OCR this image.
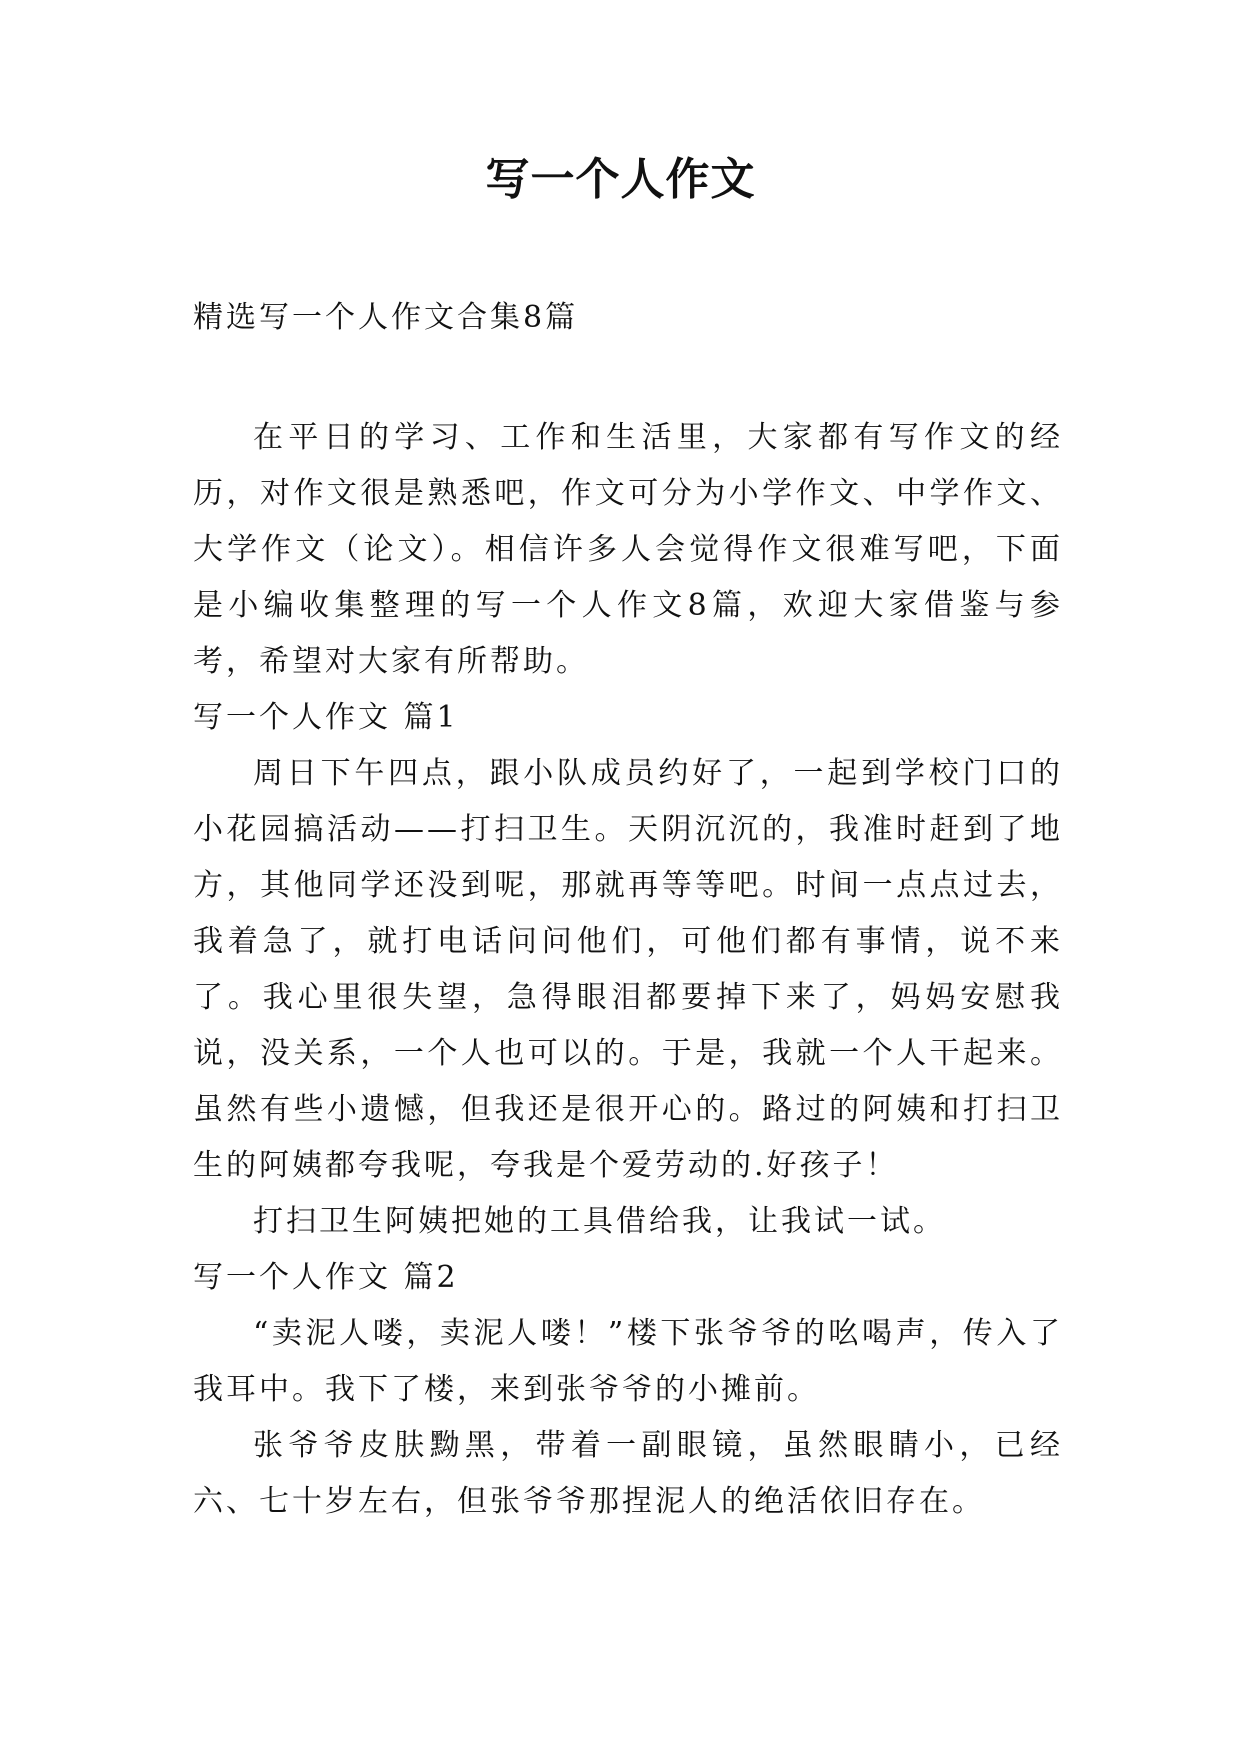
写一个人作文

精选写一个人作文合集8篇

在平日的学习、工作和生活里，大家都有写作文的经历，对作文很是熟悉吧，作文可分为小学作文、中学作文、大学作文（论文）。相信许多人会觉得作文很难写吧，下面是小编收集整理的写一个人作文8篇，欢迎大家借鉴与参考，希望对大家有所帮助。

写一个人作文 篇1

周日下午四点，跟小队成员约好了，一起到学校门口的小花园搞活动——打扫卫生。天阴沉沉的，我准时赶到了地方，其他同学还没到呢，那就再等等吧。时间一点点过去，我着急了，就打电话问问他们，可他们都有事情，说不来了。我心里很失望，急得眼泪都要掉下来了，妈妈安慰我说，没关系，一个人也可以的。于是，我就一个人干起来。虽然有些小遗憾，但我还是很开心的。路过的阿姨和打扫卫生的阿姨都夸我呢，夸我是个爱劳动的.好孩子！

打扫卫生阿姨把她的工具借给我，让我试一试。

写一个人作文 篇2

“卖泥人喽，卖泥人喽！”楼下张爷爷的吆喝声，传入了我耳中。我下了楼，来到张爷爷的小摊前。

张爷爷皮肤黝黑，带着一副眼镜，虽然眼睛小，已经六、七十岁左右，但张爷爷那捏泥人的绝活依旧存在。
